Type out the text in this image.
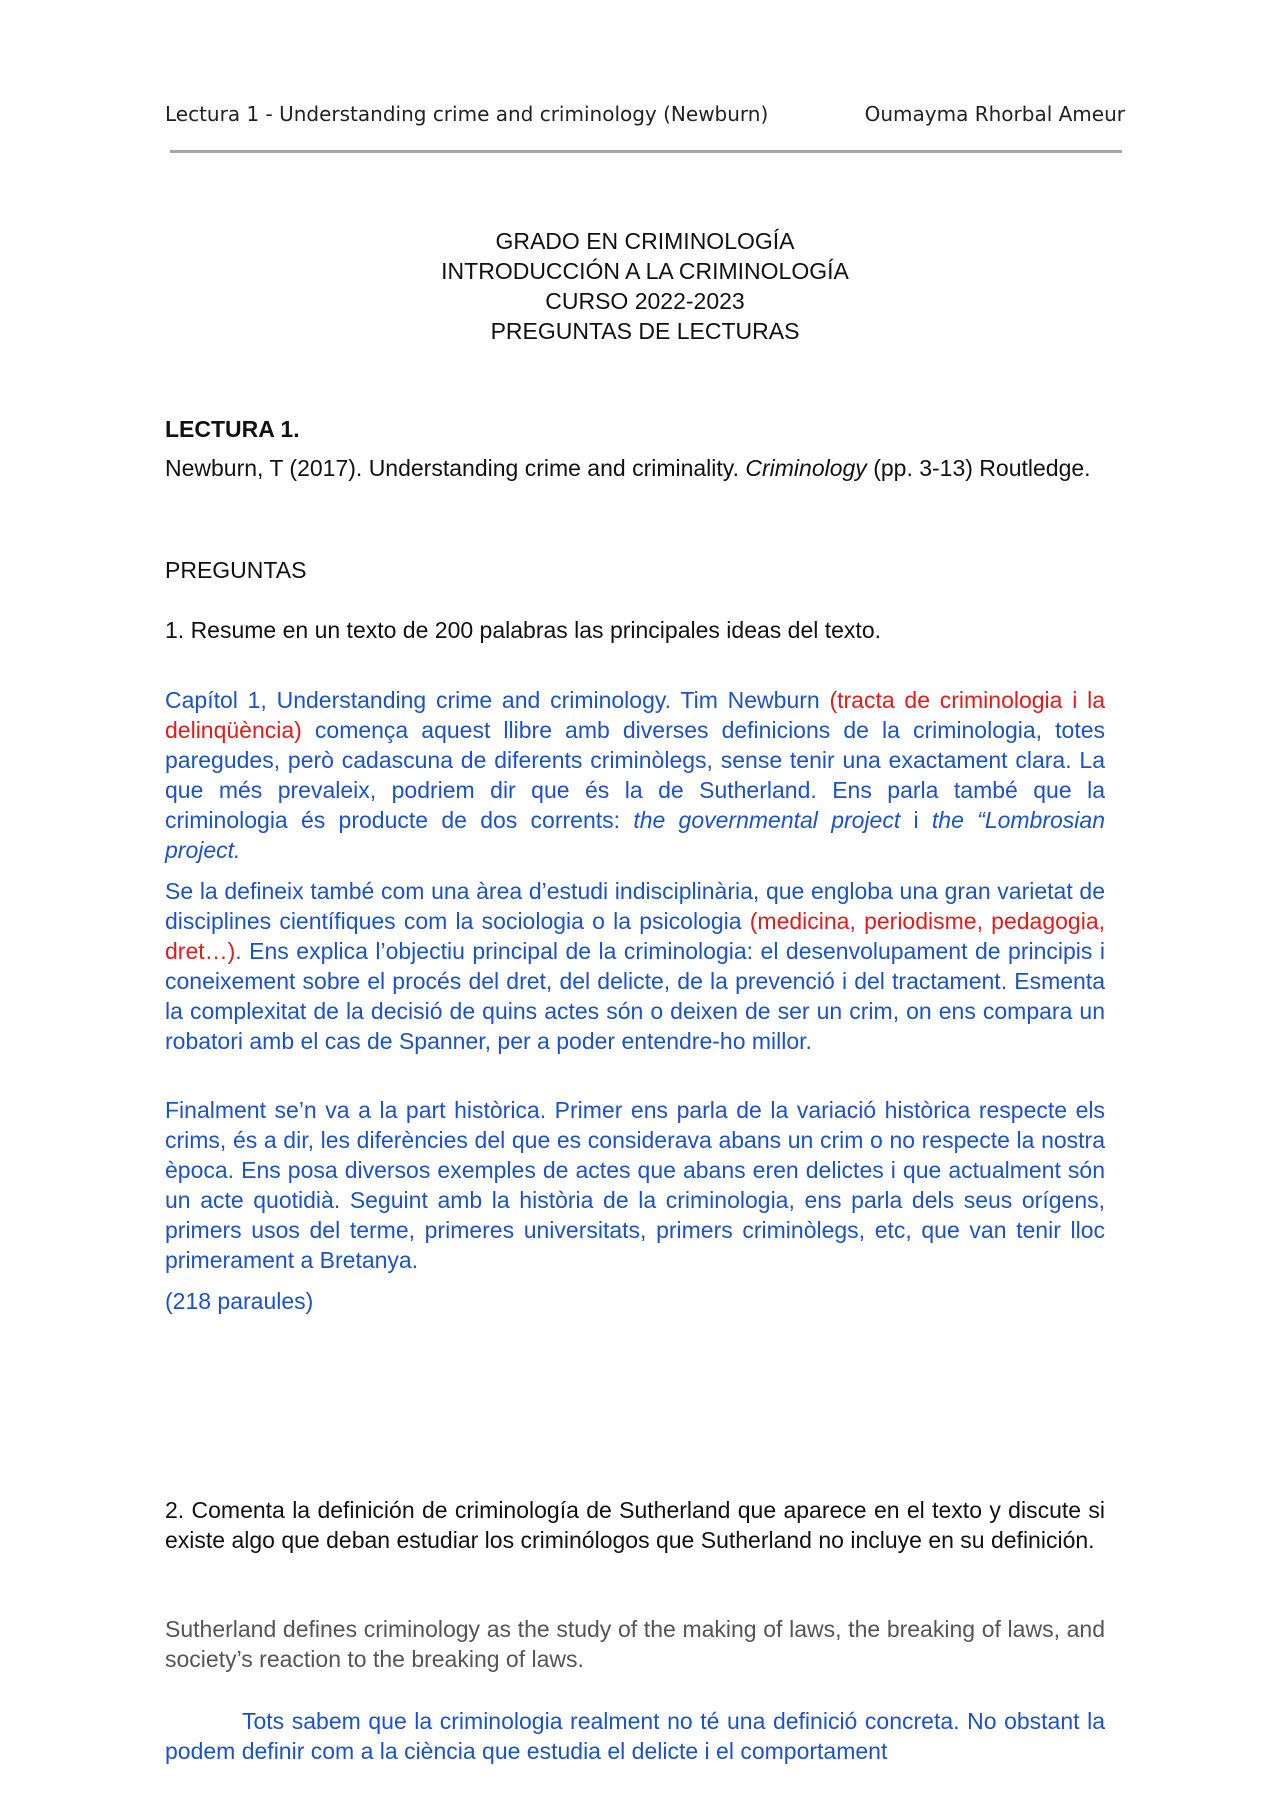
Lectura 1 - Understanding crime and criminology (Newburn)	Oumayma Rhorbal Ameur
GRADO EN CRIMINOLOGÍA
INTRODUCCIÓN A LA CRIMINOLOGÍA
CURSO 2022-2023
PREGUNTAS DE LECTURAS
LECTURA 1.

Newburn, T (2017). Understanding crime and criminality. Criminology (pp. 3-13) Routledge.

PREGUNTAS
1. Resume en un texto de 200 palabras las principales ideas del texto.

Capítol 1, Understanding crime and criminology. Tim Newburn (tracta de criminologia i la delinqüència) comença aquest llibre amb diverses definicions de la criminologia, totes paregudes, però cadascuna de diferents criminòlegs, sense tenir una exactament clara. La que més prevaleix, podriem dir que és la de Sutherland. Ens parla també que la criminologia és producte de dos corrents: the governmental project i the “Lombrosian project.

Se la defineix també com una àrea d’estudi indisciplinària, que engloba una gran varietat de disciplines científiques com la sociologia o la psicologia (medicina, periodisme, pedagogia, dret…). Ens explica l’objectiu principal de la criminologia: el desenvolupament de principis i coneixement sobre el procés del dret, del delicte, de la prevenció i del tractament. Esmenta la complexitat de la decisió de quins actes són o deixen de ser un crim, on ens compara un robatori amb el cas de Spanner, per a poder entendre-ho millor.

Finalment se’n va a la part històrica. Primer ens parla de la variació històrica respecte els crims, és a dir, les diferències del que es considerava abans un crim o no respecte la nostra època. Ens posa diversos exemples de actes que abans eren delictes i que actualment són un acte quotidià. Seguint amb la història de la criminologia, ens parla dels seus orígens, primers usos del terme, primeres universitats, primers criminòlegs, etc, que van tenir lloc primerament a Bretanya.

(218 paraules)

2. Comenta la definición de criminología de Sutherland que aparece en el texto y discute si existe algo que deban estudiar los criminólogos que Sutherland no incluye en su definición.

Sutherland defines criminology as the study of the making of laws, the breaking of laws, and society’s reaction to the breaking of laws.

Tots sabem que la criminologia realment no té una definició concreta. No obstant la podem definir com a la ciència que estudia el delicte i el comportament
